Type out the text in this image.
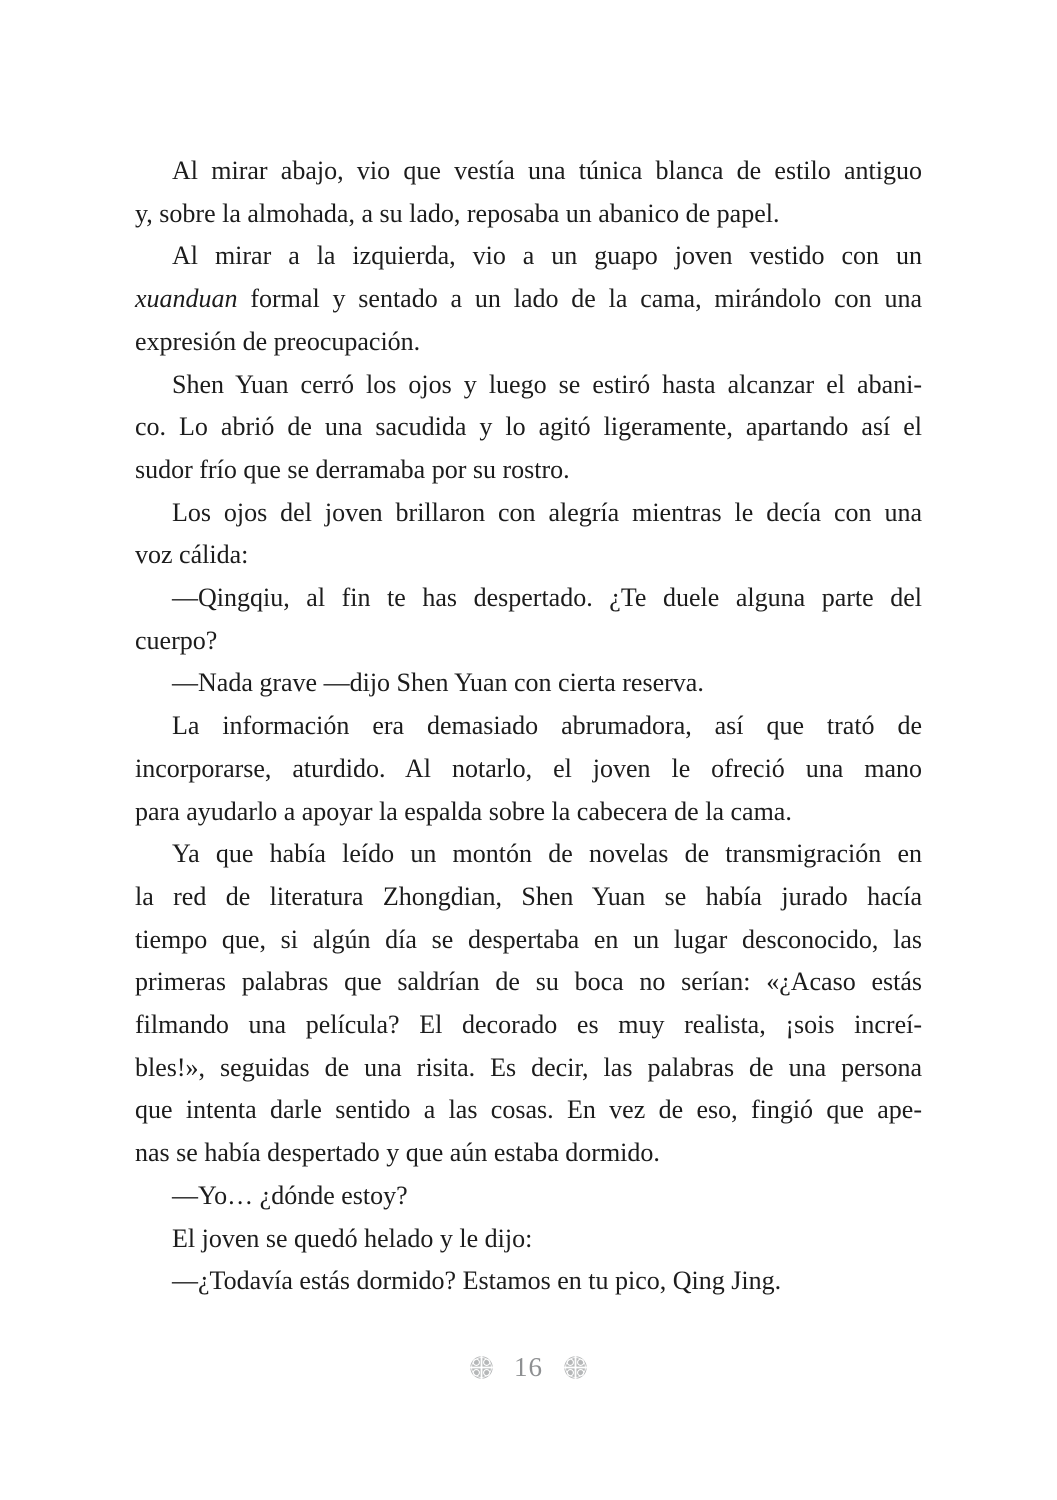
Al mirar abajo, vio que vestía una túnica blanca de estilo antiguo
y, sobre la almohada, a su lado, reposaba un abanico de papel.

Al mirar a la izquierda, vio a un guapo joven vestido con un
xuanduan formal y sentado a un lado de la cama, mirándolo con una
expresión de preocupación.

Shen Yuan cerró los ojos y luego se estiró hasta alcanzar el abani-
co. Lo abrió de una sacudida y lo agitó ligeramente, apartando así el
sudor frío que se derramaba por su rostro.

Los ojos del joven brillaron con alegría mientras le decía con una
voz cálida:

—Qingqiu, al fin te has despertado. ¿Te duele alguna parte del
cuerpo?

—Nada grave —dijo Shen Yuan con cierta reserva.

La información era demasiado abrumadora, así que trató de
incorporarse, aturdido. Al notarlo, el joven le ofreció una mano
para ayudarlo a apoyar la espalda sobre la cabecera de la cama.

Ya que había leído un montón de novelas de transmigración en
la red de literatura Zhongdian, Shen Yuan se había jurado hacía
tiempo que, si algún día se despertaba en un lugar desconocido, las
primeras palabras que saldrían de su boca no serían: «¿Acaso estás
filmando una película? El decorado es muy realista, ¡sois increí-
bles!», seguidas de una risita. Es decir, las palabras de una persona
que intenta darle sentido a las cosas. En vez de eso, fingió que ape-
nas se había despertado y que aún estaba dormido.

—Yo… ¿dónde estoy?

El joven se quedó helado y le dijo:

—¿Todavía estás dormido? Estamos en tu pico, Qing Jing.

16
